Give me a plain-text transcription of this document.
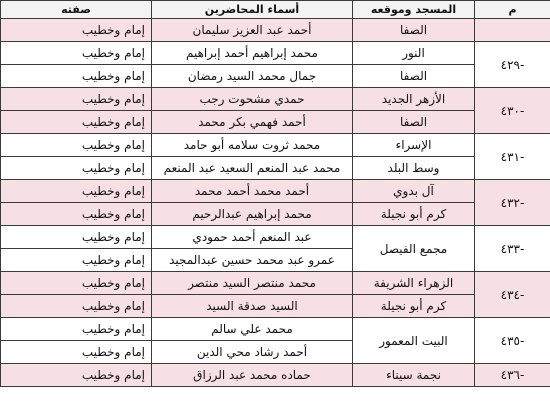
م	المسجد وموقعه	أسماء المحاضرين	صفته
	الصفا	أحمد عبد العزيز سليمان	إمام وخطيب
-٤٢٩	النور	محمد إبراهيم أحمد إبراهيم	إمام وخطيب
	الصفا	جمال محمد السيد رمضان	إمام وخطيب
-٤٣٠	الأزهر الجديد	حمدي مشحوت رجب	إمام وخطيب
	الصفا	أحمد فهمي بكر محمد	إمام وخطيب
-٤٣١	الإسراء	محمد ثروت سلامه أبو حامد	إمام وخطيب
	وسط البلد	محمد عبد المنعم السعيد عبد المنعم	إمام وخطيب
-٤٣٢	آل بدوي	أحمد محمد أحمد محمد	إمام وخطيب
	كرم أبو نجيلة	محمد إبراهيم عبدالرحيم	إمام وخطيب
-٤٣٣	مجمع الفيصل	عبد المنعم أحمد حمودي	إمام وخطيب
		عمرو عبد محمد حسين عبدالمجيد	إمام وخطيب
-٤٣٤	الزهراء الشريفة	محمد منتصر السيد منتصر	إمام وخطيب
	كرم أبو نجيلة	السيد صدقة السيد	إمام وخطيب
-٤٣٥	البيت المعمور	محمد علي سالم	إمام وخطيب
		أحمد رشاد محي الدين	إمام وخطيب
-٤٣٦	نجمة سيناء	حماده محمد عبد الرزاق	إمام وخطيب
